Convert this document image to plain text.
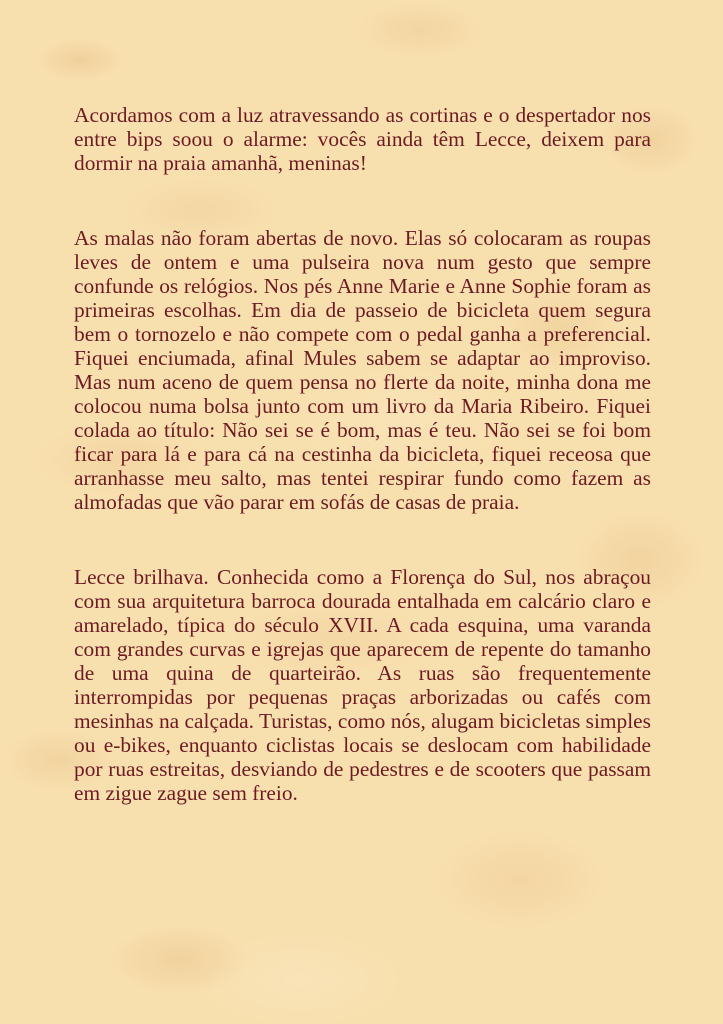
Acordamos com a luz atravessando as cortinas e o despertador nos entre bips soou o alarme: vocês ainda têm Lecce, deixem para dormir na praia amanhã, meninas!

As malas não foram abertas de novo. Elas só colocaram as roupas leves de ontem e uma pulseira nova num gesto que sempre confunde os relógios. Nos pés Anne Marie e Anne Sophie foram as primeiras escolhas. Em dia de passeio de bicicleta quem segura bem o tornozelo e não compete com o pedal ganha a preferencial. Fiquei enciumada, afinal Mules sabem se adaptar ao improviso. Mas num aceno de quem pensa no flerte da noite, minha dona me colocou numa bolsa junto com um livro da Maria Ribeiro. Fiquei colada ao título: Não sei se é bom, mas é teu. Não sei se foi bom ficar para lá e para cá na cestinha da bicicleta, fiquei receosa que arranhasse meu salto, mas tentei respirar fundo como fazem as almofadas que vão parar em sofás de casas de praia.

Lecce brilhava. Conhecida como a Florença do Sul, nos abraçou com sua arquitetura barroca dourada entalhada em calcário claro e amarelado, típica do século XVII. A cada esquina, uma varanda com grandes curvas e igrejas que aparecem de repente do tamanho de uma quina de quarteirão. As ruas são frequentemente interrompidas por pequenas praças arborizadas ou cafés com mesinhas na calçada. Turistas, como nós, alugam bicicletas simples ou e-bikes, enquanto ciclistas locais se deslocam com habilidade por ruas estreitas, desviando de pedestres e de scooters que passam em zigue zague sem freio.
